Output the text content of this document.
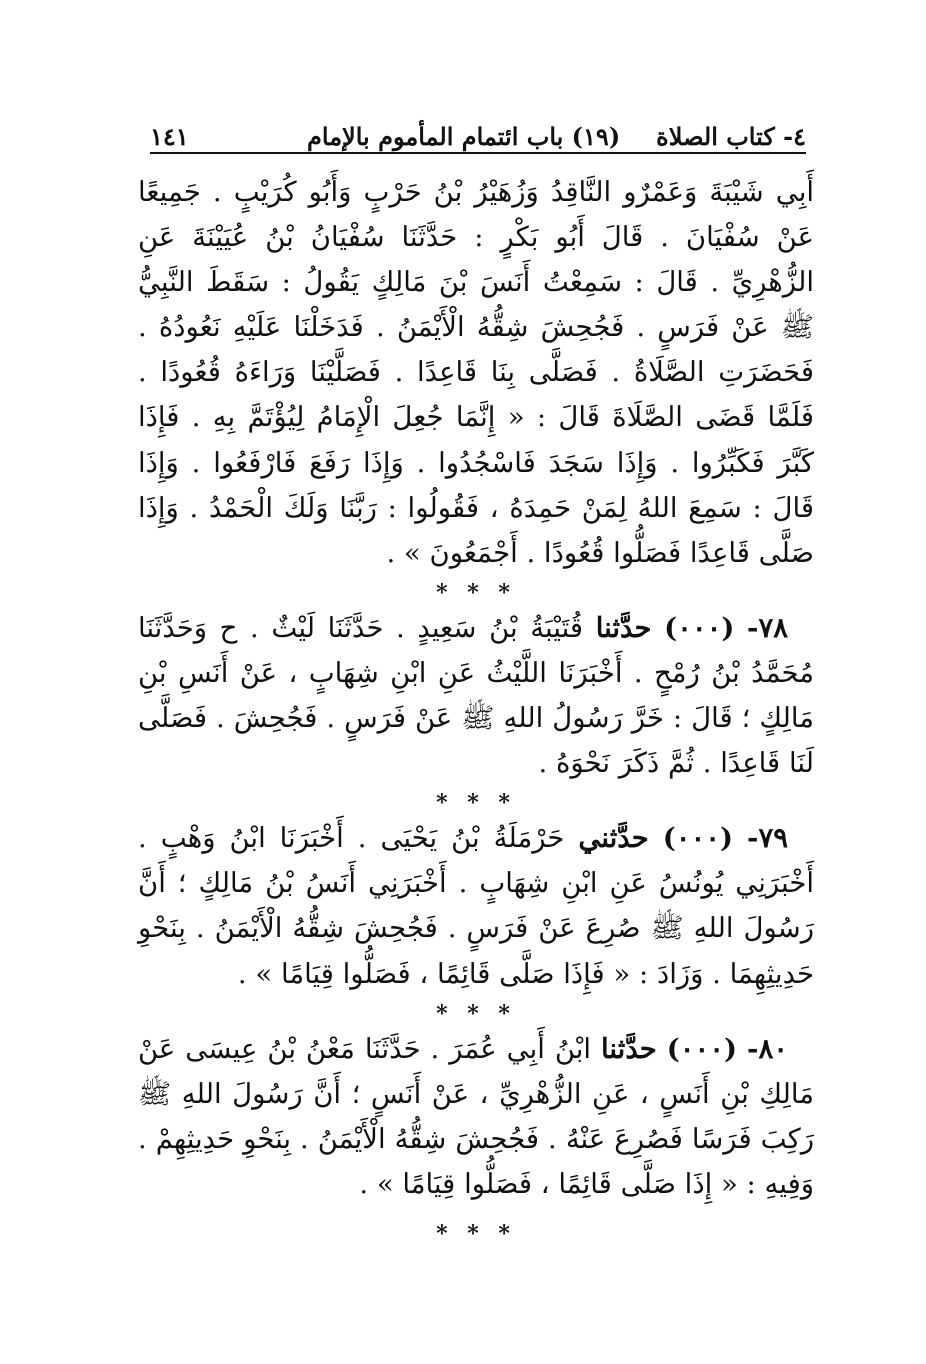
٤- كتاب الصلاة
(١٩) باب ائتمام المأموم بالإمام
١٤١

أَبِي شَيْبَةَ وَعَمْرٌو النَّاقِدُ وَزُهَيْرُ بْنُ حَرْبٍ وَأَبُو كُرَيْبٍ . جَمِيعًا عَنْ سُفْيَانَ . قَالَ أَبُو بَكْرٍ : حَدَّثَنَا سُفْيَانُ بْنُ عُيَيْنَةَ عَنِ الزُّهْرِيِّ . قَالَ : سَمِعْتُ أَنَسَ بْنَ مَالِكٍ يَقُولُ : سَقَطَ النَّبِيُّ ﷺ عَنْ فَرَسٍ . فَجُحِشَ شِقُّهُ الْأَيْمَنُ . فَدَخَلْنَا عَلَيْهِ نَعُودُهُ . فَحَضَرَتِ الصَّلَاةُ . فَصَلَّى بِنَا قَاعِدًا . فَصَلَّيْنَا وَرَاءَهُ قُعُودًا . فَلَمَّا قَضَى الصَّلَاةَ قَالَ : « إِنَّمَا جُعِلَ الْإِمَامُ لِيُؤْتَمَّ بِهِ . فَإِذَا كَبَّرَ فَكَبِّرُوا . وَإِذَا سَجَدَ فَاسْجُدُوا . وَإِذَا رَفَعَ فَارْفَعُوا . وَإِذَا قَالَ : سَمِعَ اللهُ لِمَنْ حَمِدَهُ ، فَقُولُوا : رَبَّنَا وَلَكَ الْحَمْدُ . وَإِذَا صَلَّى قَاعِدًا فَصَلُّوا قُعُودًا . أَجْمَعُونَ » .

* * *

٧٨- (٠٠٠) حدَّثنا قُتَيْبَةُ بْنُ سَعِيدٍ . حَدَّثَنَا لَيْثٌ . ح وَحَدَّثَنَا مُحَمَّدُ بْنُ رُمْحٍ . أَخْبَرَنَا اللَّيْثُ عَنِ ابْنِ شِهَابٍ ، عَنْ أَنَسِ بْنِ مَالِكٍ ؛ قَالَ : خَرَّ رَسُولُ اللهِ ﷺ عَنْ فَرَسٍ . فَجُحِشَ . فَصَلَّى لَنَا قَاعِدًا . ثُمَّ ذَكَرَ نَحْوَهُ .

* * *

٧٩- (٠٠٠) حدَّثني حَرْمَلَةُ بْنُ يَحْيَى . أَخْبَرَنَا ابْنُ وَهْبٍ . أَخْبَرَنِي يُونُسُ عَنِ ابْنِ شِهَابٍ . أَخْبَرَنِي أَنَسُ بْنُ مَالِكٍ ؛ أَنَّ رَسُولَ اللهِ ﷺ صُرِعَ عَنْ فَرَسٍ . فَجُحِشَ شِقُّهُ الْأَيْمَنُ . بِنَحْوِ حَدِيثِهِمَا . وَزَادَ : « فَإِذَا صَلَّى قَائِمًا ، فَصَلُّوا قِيَامًا » .

* * *

٨٠- (٠٠٠) حدَّثنا ابْنُ أَبِي عُمَرَ . حَدَّثَنَا مَعْنُ بْنُ عِيسَى عَنْ مَالِكِ بْنِ أَنَسٍ ، عَنِ الزُّهْرِيِّ ، عَنْ أَنَسٍ ؛ أَنَّ رَسُولَ اللهِ ﷺ رَكِبَ فَرَسًا فَصُرِعَ عَنْهُ . فَجُحِشَ شِقُّهُ الْأَيْمَنُ . بِنَحْوِ حَدِيثِهِمْ . وَفِيهِ : « إِذَا صَلَّى قَائِمًا ، فَصَلُّوا قِيَامًا » .

* * *
